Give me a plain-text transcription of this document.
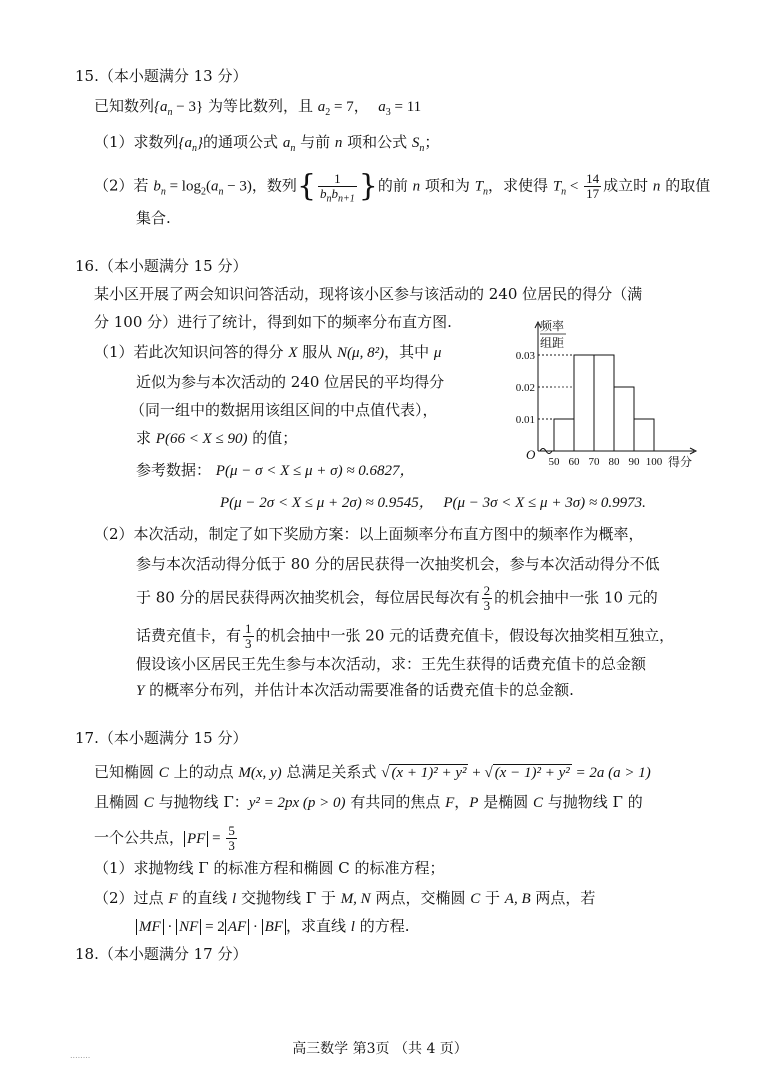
15.（本小题满分 13 分）
已知数列$\{a_n - 3\}$ 为等比数列，且 $a_2 = 7$， $a_3 = 11$
（1）求数列$\{a_n\}$的通项公式 $a_n$ 与前 n 项和公式 $S_n$；
（2）若 $b_n = \log_2(a_n - 3)$，数列{ $\frac{1}{b_nb_{n+1}}$ }的前 n 项和为 $T_n$，求使得 $T_n < \frac{14}{17}$ 成立时 n 的取值
集合.
16.（本小题满分 15 分）
某小区开展了两会知识问答活动，现将该小区参与该活动的 240 位居民的得分（满
分 100 分）进行了统计，得到如下的频率分布直方图.
（1）若此次知识问答的得分 X 服从 N(μ, 8²)，其中 μ
近似为参与本次活动的 240 位居民的平均得分
（同一组中的数据用该组区间的中点值代表），
求 P(66 < X ≤ 90) 的值；
参考数据： P(μ − σ < X ≤ μ + σ) ≈ 0.6827，
P(μ − 2σ < X ≤ μ + 2σ) ≈ 0.9545， P(μ − 3σ < X ≤ μ + 3σ) ≈ 0.9973.
（2）本次活动，制定了如下奖励方案：以上面频率分布直方图中的频率作为概率，
参与本次活动得分低于 80 分的居民获得一次抽奖机会，参与本次活动得分不低
于 80 分的居民获得两次抽奖机会，每位居民每次有 $\frac{2}{3}$ 的机会抽中一张 10 元的
话费充值卡，有 $\frac{1}{3}$ 的机会抽中一张 20 元的话费充值卡，假设每次抽奖相互独立，
假设该小区居民王先生参与本次活动，求：王先生获得的话费充值卡的总金额
Y 的概率分布列，并估计本次活动需要准备的话费充值卡的总金额.
0.01
0.02
0.03
50 60 70 80 90 100
O
频率
组距
得分
17.（本小题满分 15 分）
已知椭圆 C 上的动点 M(x, y) 总满足关系式 √ (x + 1)² + y² + √ (x − 1)² + y² = 2a (a > 1)
且椭圆 C 与抛物线 Γ：y² = 2px (p > 0) 有共同的焦点 F，P 是椭圆 C 与抛物线 Γ 的
一个公共点， PF = $\frac{5}{3}$
（1）求抛物线 Γ 的标准方程和椭圆 C 的标准方程；
（2）过点 F 的直线 l 交抛物线 Γ 于 M, N 两点，交椭圆 C 于 A, B 两点，若
MF · NF = 2 AF · BF ，求直线 l 的方程.
18.（本小题满分 17 分）
高三数学 第3页 （共 4 页）
........
